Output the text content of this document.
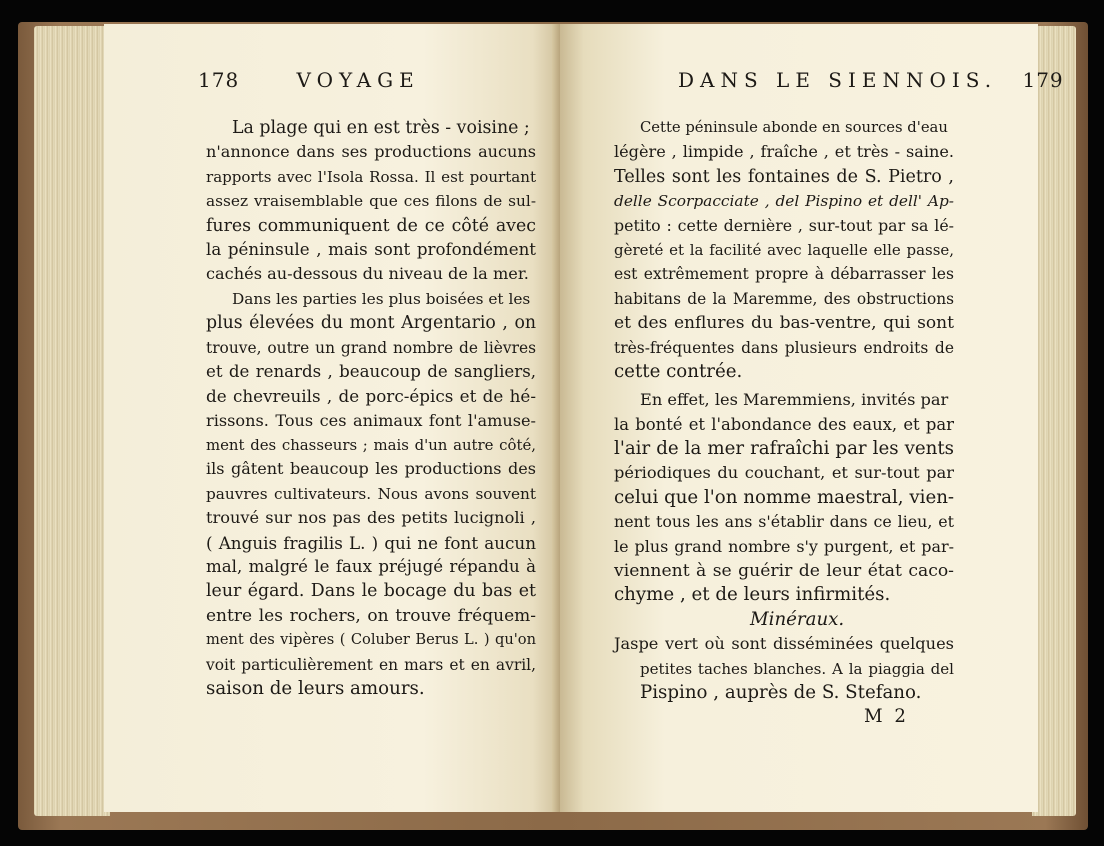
178	VOYAGE
La plage qui en est très - voisine ;
n'annonce dans ses productions aucuns
rapports avec l'Isola Rossa. Il est pourtant
assez vraisemblable que ces filons de sul-
fures communiquent de ce côté avec
la péninsule , mais sont profondément
cachés au-dessous du niveau de la mer.
Dans les parties les plus boisées et les
plus élevées du mont Argentario , on
trouve, outre un grand nombre de lièvres
et de renards , beaucoup de sangliers,
de chevreuils , de porc-épics et de hé-
rissons. Tous ces animaux font l'amuse-
ment des chasseurs ; mais d'un autre côté,
ils gâtent beaucoup les productions des
pauvres cultivateurs. Nous avons souvent
trouvé sur nos pas des petits lucignoli ,
( Anguis fragilis L. ) qui ne font aucun
mal, malgré le faux préjugé répandu à
leur égard. Dans le bocage du bas et
entre les rochers, on trouve fréquem-
ment des vipères ( Coluber Berus L. ) qu'on
voit particulièrement en mars et en avril,
saison de leurs amours.
DANS LE SIENNOIS. 179
Cette péninsule abonde en sources d'eau
légère , limpide , fraîche , et très - saine.
Telles sont les fontaines de S. Pietro ,
delle Scorpacciate , del Pispino et dell' Ap-
petito : cette dernière , sur-tout par sa lé-
gèreté et la facilité avec laquelle elle passe,
est extrêmement propre à débarrasser les
habitans de la Maremme, des obstructions
et des enflures du bas-ventre, qui sont
très-fréquentes dans plusieurs endroits de
cette contrée.
En effet, les Maremmiens, invités par
la bonté et l'abondance des eaux, et par
l'air de la mer rafraîchi par les vents
périodiques du couchant, et sur-tout par
celui que l'on nomme maestral, vien-
nent tous les ans s'établir dans ce lieu, et
le plus grand nombre s'y purgent, et par-
viennent à se guérir de leur état caco-
chyme , et de leurs infirmités.
Minéraux.
Jaspe vert où sont disséminées quelques
petites taches blanches. A la piaggia del
Pispino , auprès de S. Stefano.
M 2
